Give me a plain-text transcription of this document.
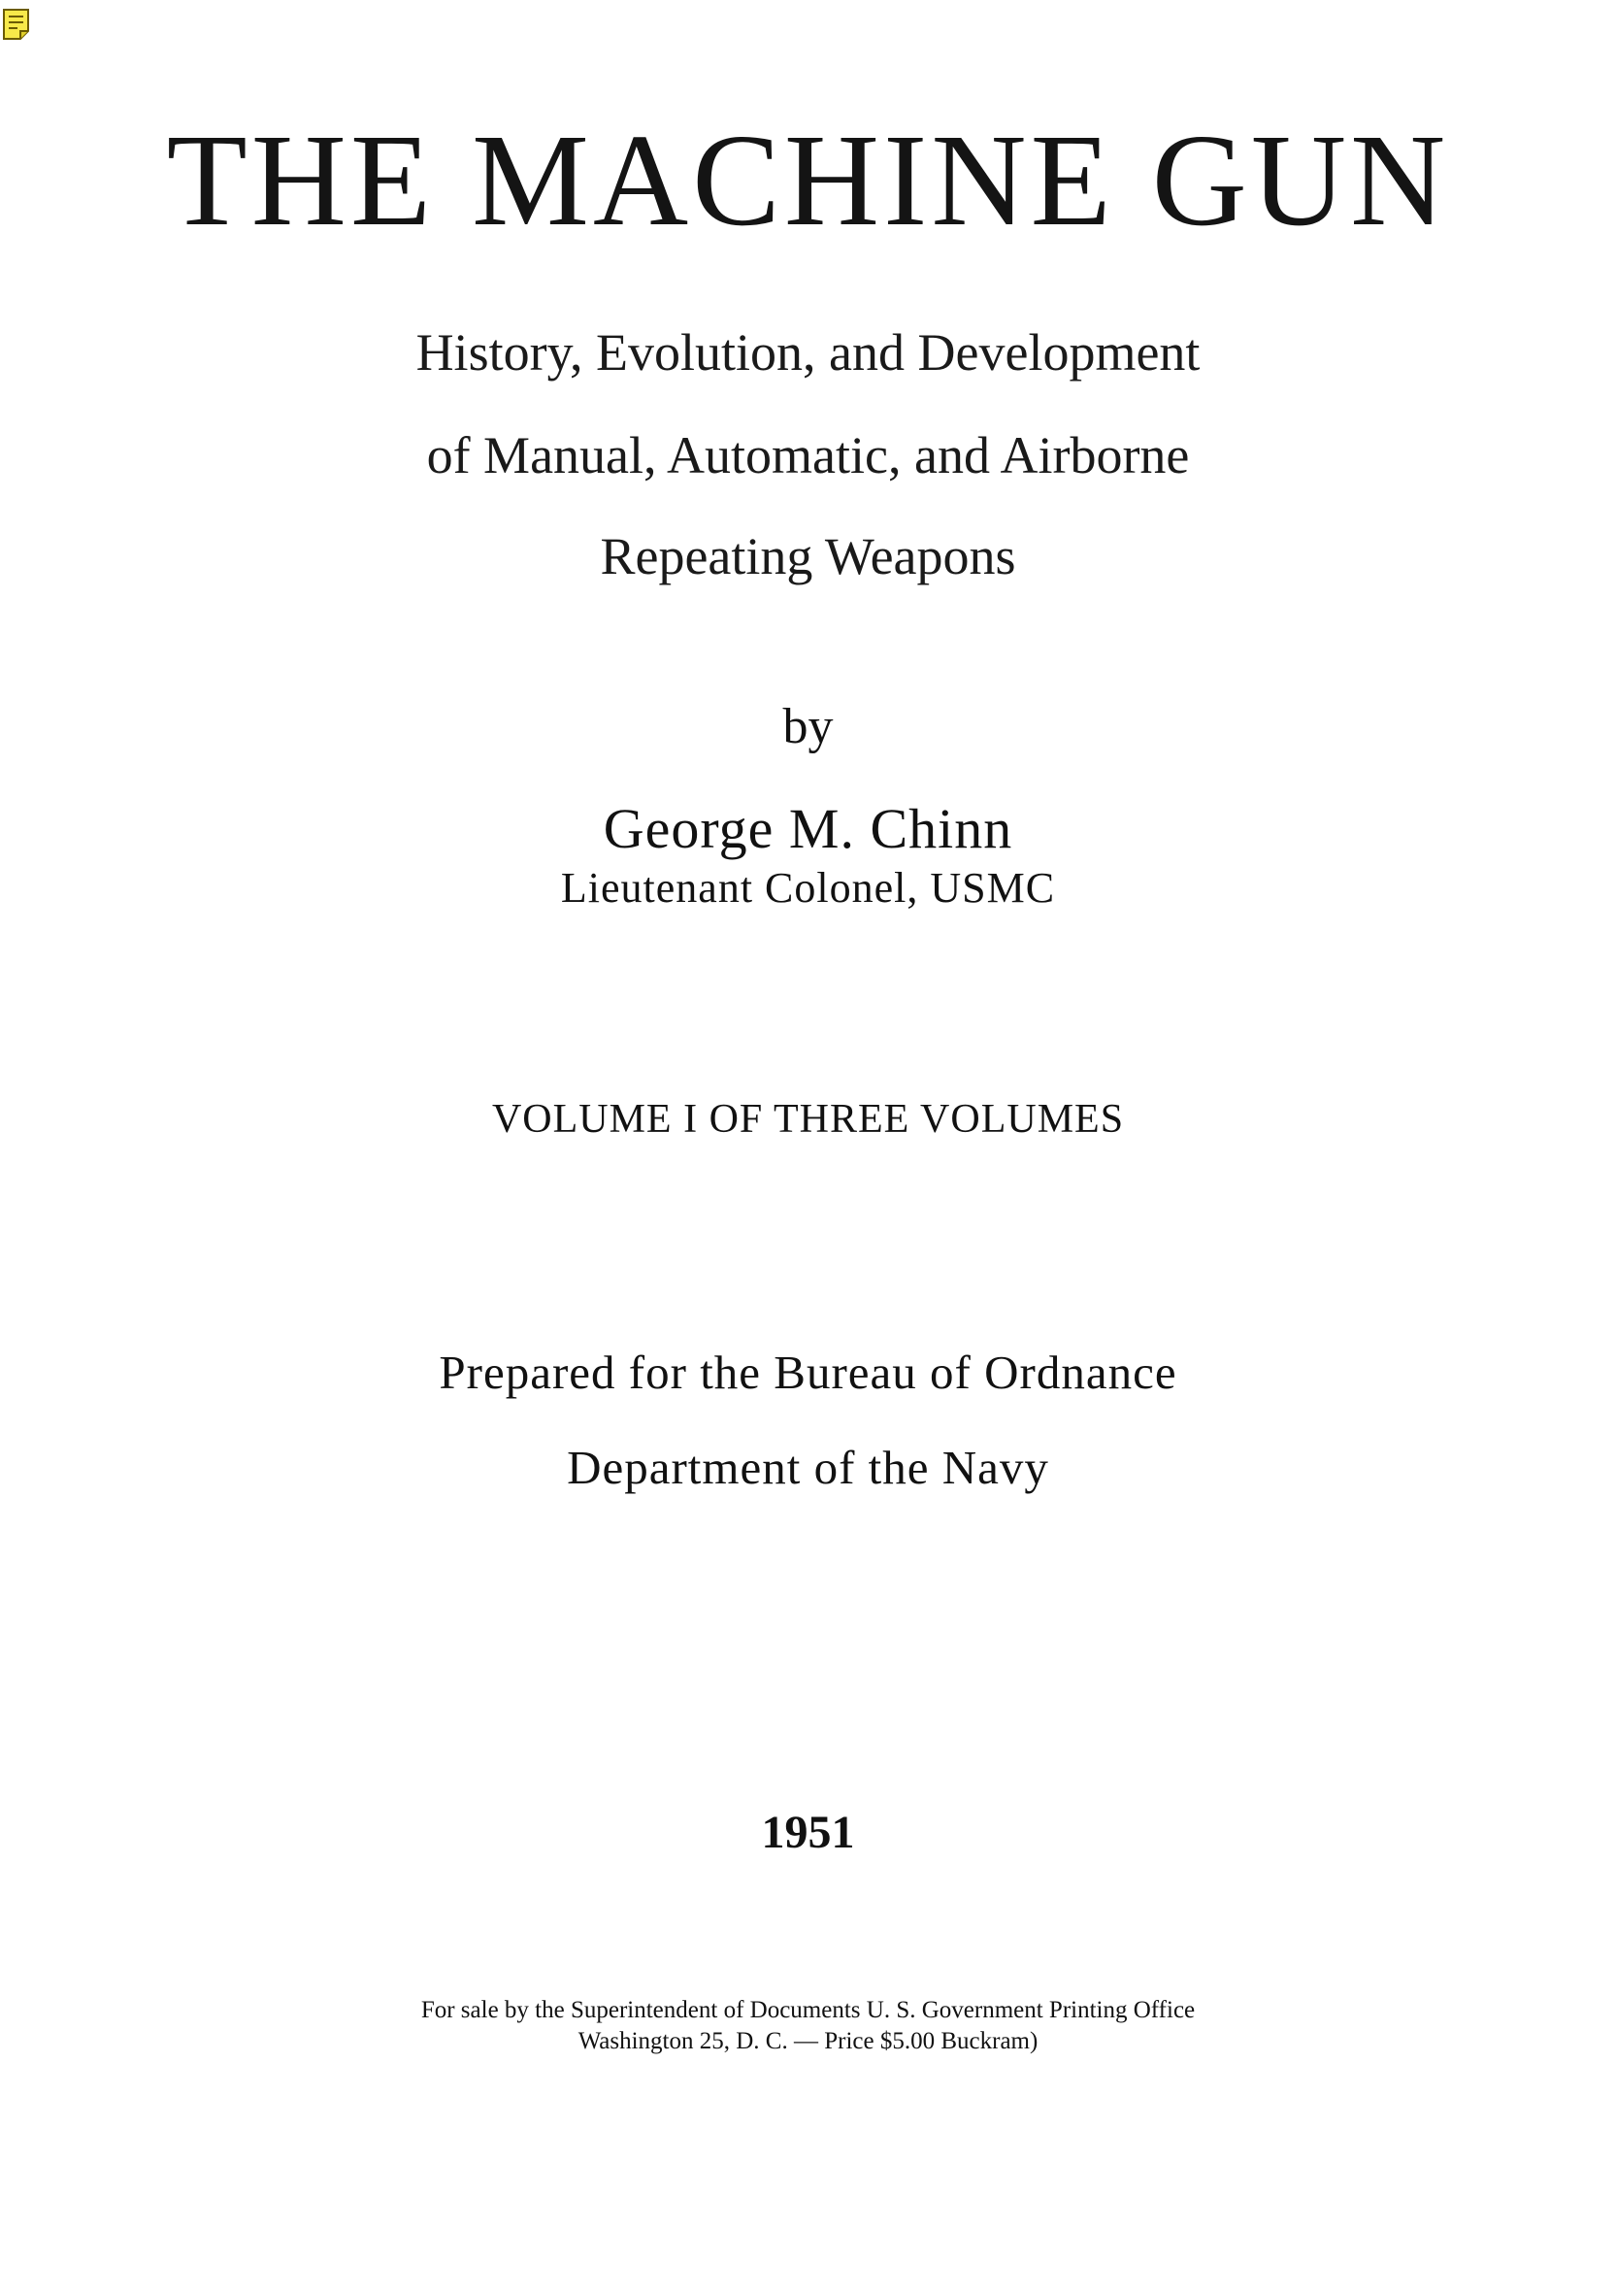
THE MACHINE GUN
History, Evolution, and Development
of Manual, Automatic, and Airborne
Repeating Weapons
by
George M. Chinn
Lieutenant Colonel, USMC
VOLUME I OF THREE VOLUMES
Prepared for the Bureau of Ordnance
Department of the Navy
1951
For sale by the Superintendent of Documents U. S. Government Printing Office
Washington 25, D. C. — Price $5.00 Buckram)
